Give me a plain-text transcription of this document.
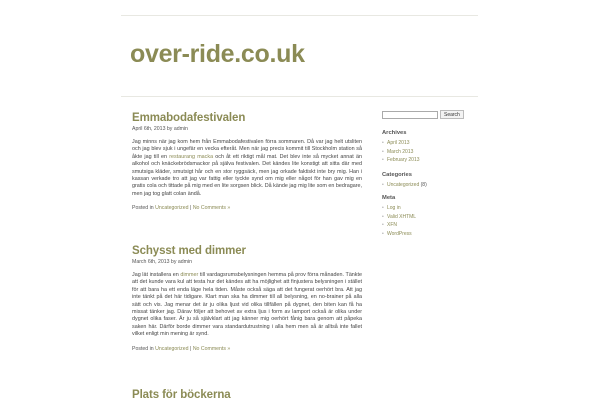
over-ride.co.uk
Emmabodafestivalen
April 6th, 2013 by admin
Jag minns när jag kom hem från Emmabodafestivalen förra sommaren. Då var jag helt utsliten och jag blev sjuk i ungefär en vecka efteråt. Men när jag precis kommit till Stockholm station så åkte jag till en restaurang macka och åt ett riktigt mål mat. Det blev inte så mycket annat än alkohol och knäckebrödsmackor på själva festivalen. Det kändes lite konstigt att sitta där med smutsiga kläder, smutsigt hår och en stor ryggsäck, men jag orkade faktiskt inte bry mig. Han i kassan verkade tro att jag var fattig eller tyckte synd om mig eller något för han gav mig en gratis cola och tittade på mig med en lite sorgsen blick. Då kände jag mig lite som en bedragare, men jag tog glatt colan ändå.
Posted in Uncategorized | No Comments »
Schysst med dimmer
March 6th, 2013 by admin
Jag lät installera en dimmer till vardagsrumsbelysningen hemma på prov förra månaden. Tänkte att det kunde vara kul att testa hur det kändes att ha möjlighet att finjustera belysningen i stället för att bara ha ett enda läge hela tiden. Måste också säga att det fungerat oerhört bra. Att jag inte tänkt på det här tidigare. Klart man ska ha dimmer till all belysning, en no-brainer på alla sätt och vis. Jag menar det är ju olika ljust vid olika tillfällen på dygnet, den biten kan få ha missat tänker jag. Därav följer att behovet av extra ljus i form av lamport också är olika under dygnet olika faser. Är ju så självklart att jag känner mig oerhört fånig bara genom att påpeka saken här. Därför borde dimmer vara standardutrustning i alla hem men så är alltså inte fallet vilket enligt min mening är synd.
Posted in Uncategorized | No Comments »
Plats för böckerna
Search
Archives
• April 2013
• March 2013
• February 2013
Categories
• Uncategorized (8)
Meta
• Log in
• Valid XHTML
• XFN
• WordPress
